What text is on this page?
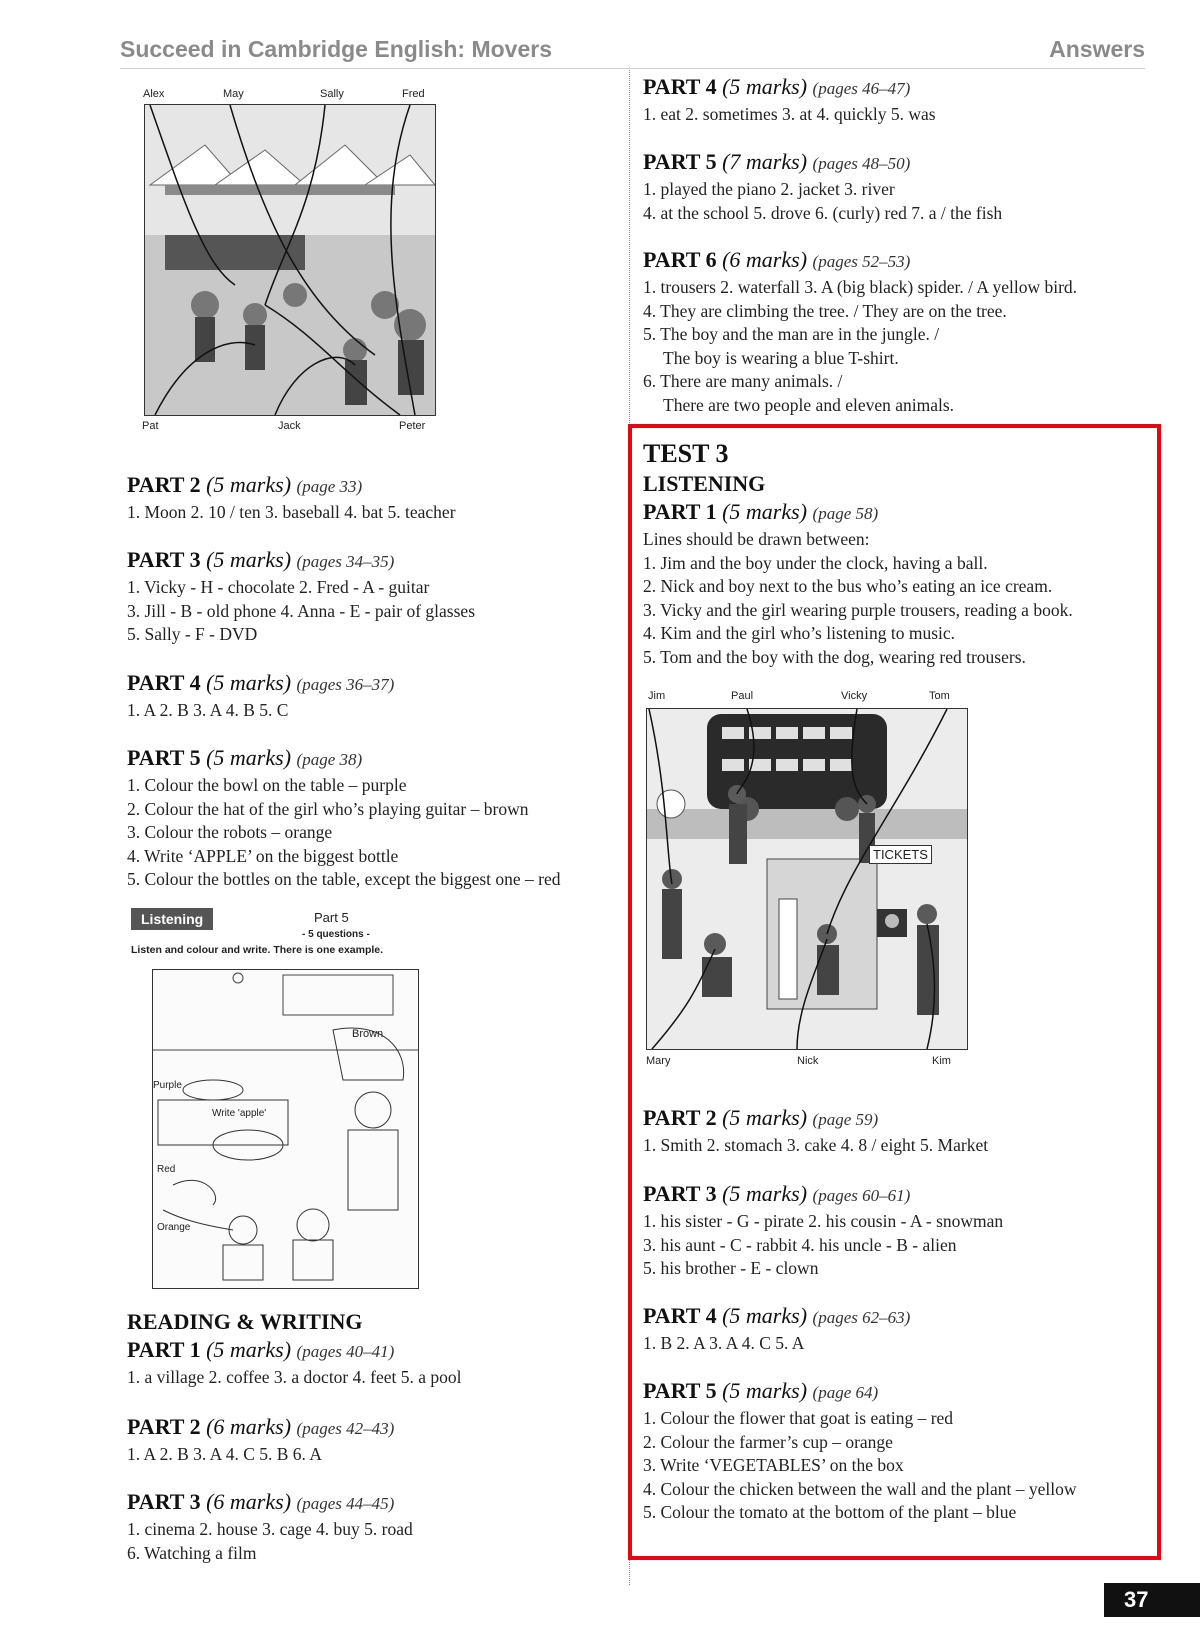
Succeed in Cambridge English: Movers	Answers
Alex	May	Sally	Fred
Pat	Jack	Peter
PART 2 (5 marks) (page 33)
1. Moon 2. 10 / ten 3. baseball 4. bat 5. teacher
PART 3 (5 marks) (pages 34–35)
1. Vicky - H - chocolate 2. Fred - A - guitar
3. Jill - B - old phone 4. Anna - E - pair of glasses
5. Sally - F - DVD
PART 4 (5 marks) (pages 36–37)
1. A 2. B 3. A 4. B 5. C
PART 5 (5 marks) (page 38)
1. Colour the bowl on the table – purple
2. Colour the hat of the girl who’s playing guitar – brown
3. Colour the robots – orange
4. Write ‘APPLE’ on the biggest bottle
5. Colour the bottles on the table, except the biggest one – red
Listening	Part 5
- 5 questions -
Listen and colour and write. There is one example.
Brown
Purple
Write 'apple'
Red
Orange
READING & WRITING
PART 1 (5 marks) (pages 40–41)
1. a village 2. coffee 3. a doctor 4. feet 5. a pool
PART 2 (6 marks) (pages 42–43)
1. A 2. B 3. A 4. C 5. B 6. A
PART 3 (6 marks) (pages 44–45)
1. cinema 2. house 3. cage 4. buy 5. road
6. Watching a film
PART 4 (5 marks) (pages 46–47)
1. eat 2. sometimes 3. at 4. quickly 5. was
PART 5 (7 marks) (pages 48–50)
1. played the piano 2. jacket 3. river
4. at the school 5. drove 6. (curly) red 7. a / the fish
PART 6 (6 marks) (pages 52–53)
1. trousers 2. waterfall 3. A (big black) spider. / A yellow bird.
4. They are climbing the tree. / They are on the tree.
5. The boy and the man are in the jungle. /
The boy is wearing a blue T-shirt.
6. There are many animals. /
There are two people and eleven animals.
TEST 3
LISTENING
PART 1 (5 marks) (page 58)
Lines should be drawn between:
1. Jim and the boy under the clock, having a ball.
2. Nick and boy next to the bus who’s eating an ice cream.
3. Vicky and the girl wearing purple trousers, reading a book.
4. Kim and the girl who’s listening to music.
5. Tom and the boy with the dog, wearing red trousers.
Jim	Paul	Vicky	Tom
TICKETS
Mary	Nick	Kim
PART 2 (5 marks) (page 59)
1. Smith 2. stomach 3. cake 4. 8 / eight 5. Market
PART 3 (5 marks) (pages 60–61)
1. his sister - G - pirate 2. his cousin - A - snowman
3. his aunt - C - rabbit 4. his uncle - B - alien
5. his brother - E - clown
PART 4 (5 marks) (pages 62–63)
1. B 2. A 3. A 4. C 5. A
PART 5 (5 marks) (page 64)
1. Colour the flower that goat is eating – red
2. Colour the farmer’s cup – orange
3. Write ‘VEGETABLES’ on the box
4. Colour the chicken between the wall and the plant – yellow
5. Colour the tomato at the bottom of the plant – blue
37
